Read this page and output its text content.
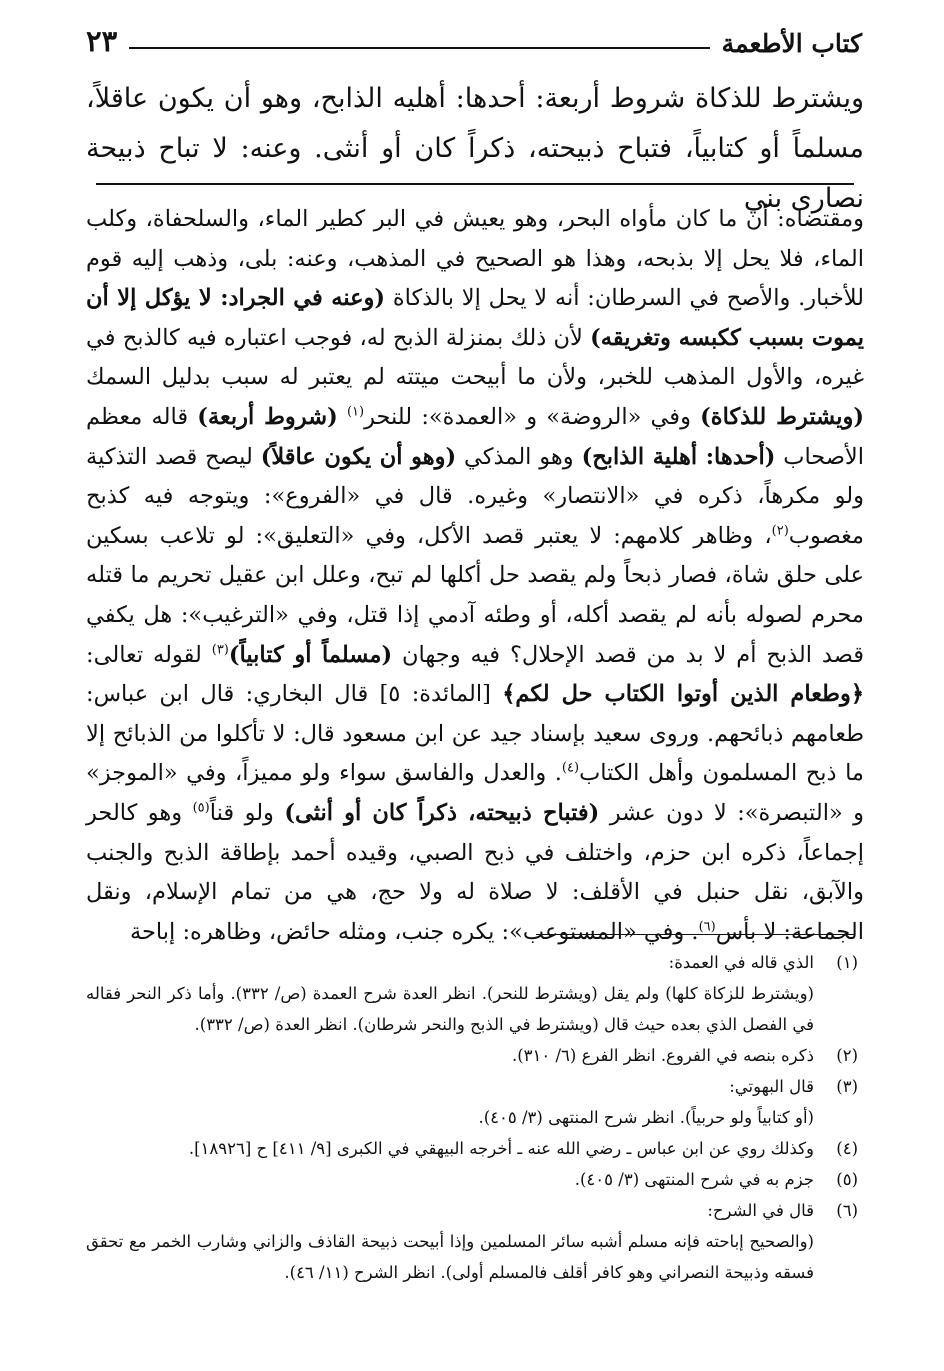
كتاب الأطعمة
٢٣
ويشترط للذكاة شروط أربعة: أحدها: أهليه الذابح، وهو أن يكون عاقلاً، مسلماً أو كتابياً، فتباح ذبيحته، ذكراً كان أو أنثى. وعنه: لا تباح ذبيحة نصارى بني
ومقتضاه: أن ما كان مأواه البحر، وهو يعيش في البر كطير الماء، والسلحفاة، وكلب الماء، فلا يحل إلا بذبحه، وهذا هو الصحيح في المذهب، وعنه: بلى، وذهب إليه قوم للأخبار. والأصح في السرطان: أنه لا يحل إلا بالذكاة (وعنه في الجراد: لا يؤكل إلا أن يموت بسبب ككبسه وتغريقه) لأن ذلك بمنزلة الذبح له، فوجب اعتباره فيه كالذبح في غيره، والأول المذهب للخبر، ولأن ما أبيحت ميتته لم يعتبر له سبب بدليل السمك (ويشترط للذكاة) وفي «الروضة» و «العمدة»: للنحر$^{(١)}$ (شروط أربعة) قاله معظم الأصحاب (أحدها: أهلية الذابح) وهو المذكي (وهو أن يكون عاقلاً) ليصح قصد التذكية ولو مكرهاً، ذكره في «الانتصار» وغيره. قال في «الفروع»: ويتوجه فيه كذبح مغصوب$^{(٢)}$، وظاهر كلامهم: لا يعتبر قصد الأكل، وفي «التعليق»: لو تلاعب بسكين على حلق شاة، فصار ذبحاً ولم يقصد حل أكلها لم تبح، وعلل ابن عقيل تحريم ما قتله محرم لصوله بأنه لم يقصد أكله، أو وطئه آدمي إذا قتل، وفي «الترغيب»: هل يكفي قصد الذبح أم لا بد من قصد الإحلال؟ فيه وجهان (مسلماً أو كتابياً)$^{(٣)}$ لقوله تعالى: ﴿وطعام الذين أوتوا الكتاب حل لكم﴾ [المائدة: ٥] قال البخاري: قال ابن عباس: طعامهم ذبائحهم. وروى سعيد بإسناد جيد عن ابن مسعود قال: لا تأكلوا من الذبائح إلا ما ذبح المسلمون وأهل الكتاب$^{(٤)}$. والعدل والفاسق سواء ولو مميزاً، وفي «الموجز» و «التبصرة»: لا دون عشر (فتباح ذبيحته، ذكراً كان أو أنثى) ولو قناً$^{(٥)}$ وهو كالحر إجماعاً، ذكره ابن حزم، واختلف في ذبح الصبي، وقيده أحمد بإطاقة الذبح والجنب والآبق، نقل حنبل في الأقلف: لا صلاة له ولا حج، هي من تمام الإسلام، ونقل الجماعة: لا بأس$^{(٦)}$. وفي «المستوعب»: يكره جنب، ومثله حائض، وظاهره: إباحة
(١)
الذي قاله في العمدة:
(ويشترط للزكاة كلها) ولم يقل (ويشترط للنحر). انظر العدة شرح العمدة (ص/ ٣٣٢). وأما ذكر النحر فقاله في الفصل الذي بعده حيث قال (ويشترط في الذبح والنحر شرطان). انظر العدة (ص/ ٣٣٢).
(٢)
ذكره بنصه في الفروع. انظر الفرع (٦/ ٣١٠).
(٣)
قال البهوتي:
(أو كتابياً ولو حربياً). انظر شرح المنتهى (٣/ ٤٠٥).
(٤)
وكذلك روي عن ابن عباس ـ رضي الله عنه ـ أخرجه البيهقي في الكبرى [٩/ ٤١١] ح [١٨٩٢٦].
(٥)
جزم به في شرح المنتهى (٣/ ٤٠٥).
(٦)
قال في الشرح:
(والصحيح إباحته فإنه مسلم أشبه سائر المسلمين وإذا أبيحت ذبيحة القاذف والزاني وشارب الخمر مع تحقق فسقه وذبيحة النصراني وهو كافر أقلف فالمسلم أولى). انظر الشرح (١١/ ٤٦).
